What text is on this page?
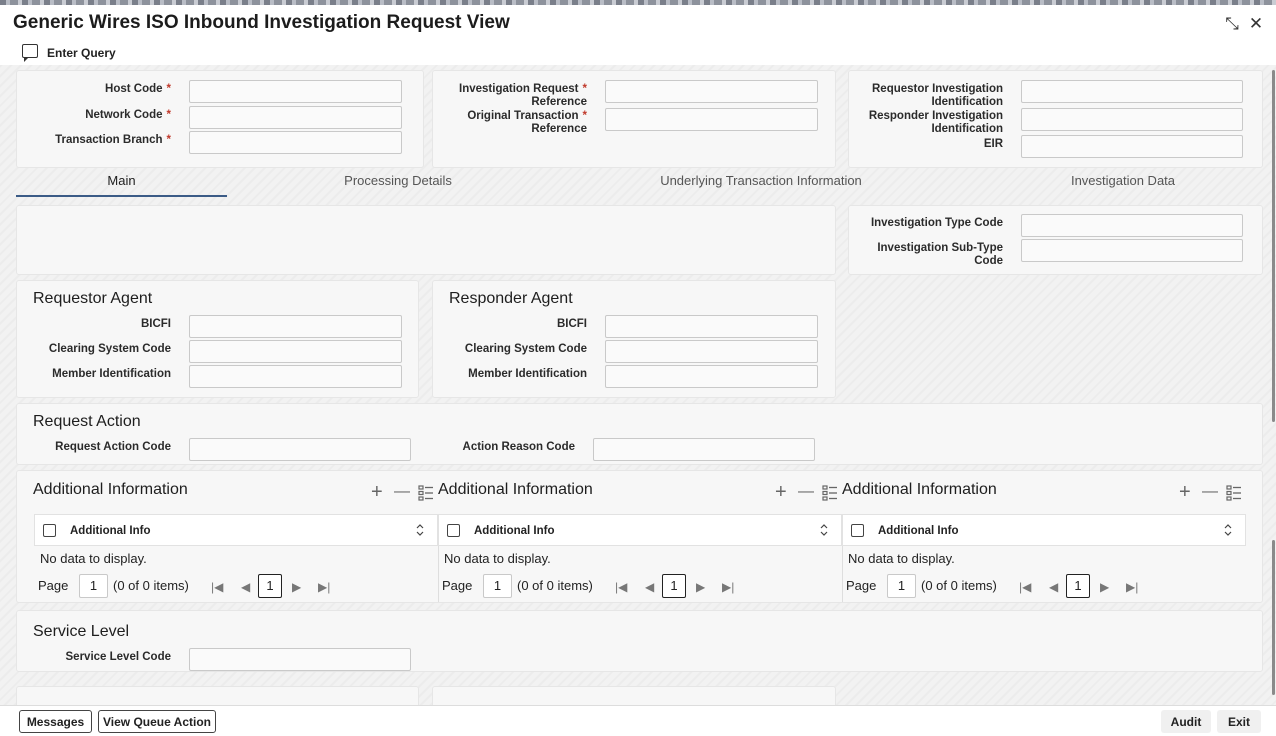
Generic Wires ISO Inbound Investigation Request View	⤡ ✕
Enter Query
Host Code *
Network Code *
Transaction Branch *
Investigation Request *
Reference
Original Transaction *
Reference
Requestor Investigation
Identification
Responder Investigation
Identification
EIR
Main	Processing Details	Underlying Transaction Information	Investigation Data
Investigation Type Code
Investigation Sub-Type
Code
Requestor Agent
BICFI
Clearing System Code
Member Identification
Responder Agent
BICFI
Clearing System Code
Member Identification
Request Action
Request Action Code	Action Reason Code
Additional Information	+ —
Additional Info
No data to display.
Page	1	(0 of 0 items) |◀ ◀	1	▶ ▶|
Additional Information	+ —
Additional Info
No data to display.
Page	1	(0 of 0 items) |◀ ◀	1	▶ ▶|
Additional Information	+ —
Additional Info
No data to display.
Page	1	(0 of 0 items) |◀ ◀	1	▶ ▶|
Service Level
Service Level Code
Messages	View Queue Action	Audit	Exit
